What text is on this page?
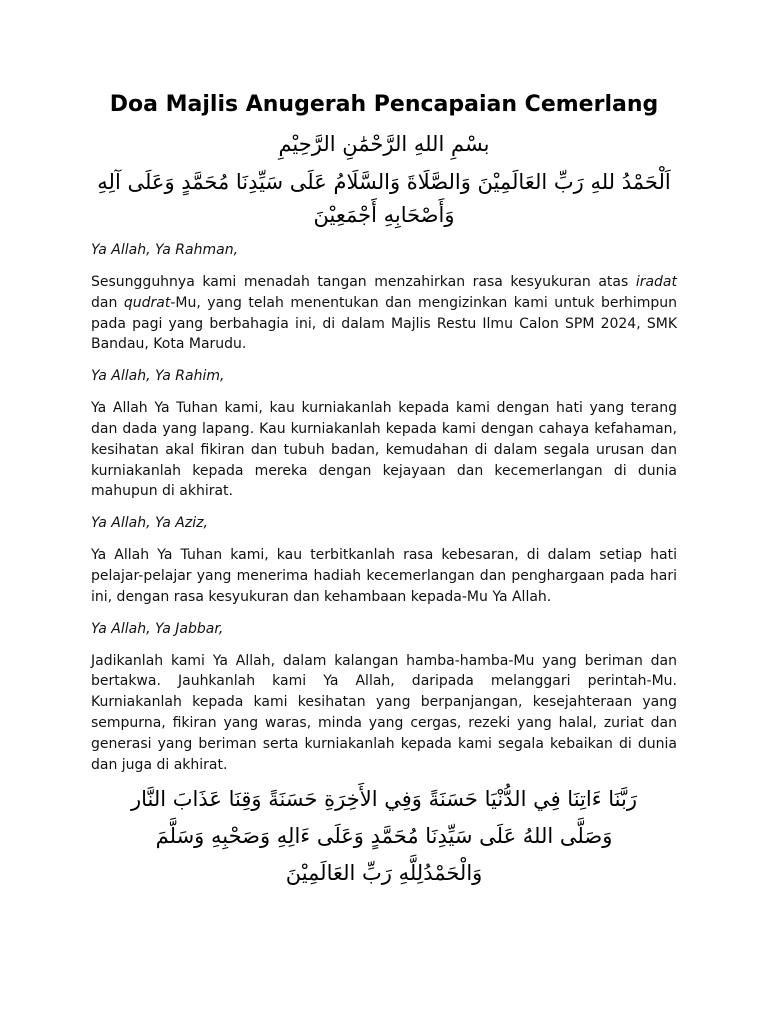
Doa Majlis Anugerah Pencapaian Cemerlang

بسْمِ اللهِ الرَّحْمَٰنِ الرَّحِيْمِ

اَلْحَمْدُ للهِ رَبِّ العَالَمِيْنَ وَالصَّلَاةَ وَالسَّلَامُ عَلَى سَيِّدِنَا مُحَمَّدٍ وَعَلَى آلِهِ وَأَصْحَابِهِ أَجْمَعِيْنَ

Ya Allah, Ya Rahman,

Sesungguhnya kami menadah tangan menzahirkan rasa kesyukuran atas iradat dan qudrat-Mu, yang telah menentukan dan mengizinkan kami untuk berhimpun pada pagi yang berbahagia ini, di dalam Majlis Restu Ilmu Calon SPM 2024, SMK Bandau, Kota Marudu.

Ya Allah, Ya Rahim,

Ya Allah Ya Tuhan kami, kau kurniakanlah kepada kami dengan hati yang terang dan dada yang lapang. Kau kurniakanlah kepada kami dengan cahaya kefahaman, kesihatan akal fikiran dan tubuh badan, kemudahan di dalam segala urusan dan kurniakanlah kepada mereka dengan kejayaan dan kecemerlangan di dunia mahupun di akhirat.

Ya Allah, Ya Aziz,

Ya Allah Ya Tuhan kami, kau terbitkanlah rasa kebesaran, di dalam setiap hati pelajar-pelajar yang menerima hadiah kecemerlangan dan penghargaan pada hari ini, dengan rasa kesyukuran dan kehambaan kepada-Mu Ya Allah.

Ya Allah, Ya Jabbar,

Jadikanlah kami Ya Allah, dalam kalangan hamba-hamba-Mu yang beriman dan bertakwa. Jauhkanlah kami Ya Allah, daripada melanggari perintah-Mu. Kurniakanlah kepada kami kesihatan yang berpanjangan, kesejahteraan yang sempurna, fikiran yang waras, minda yang cergas, rezeki yang halal, zuriat dan generasi yang beriman serta kurniakanlah kepada kami segala kebaikan di dunia dan juga di akhirat.

رَبَّنَا ءَاتِنَا فِي الدُّنْيَا حَسَنَةً وَفِي الأَخِرَةِ حَسَنَةً وَقِنَا عَذَابَ النَّار

وَصَلَّى اللهُ عَلَى سَيِّدِنَا مُحَمَّدٍ وَعَلَى ءَالِهِ وَصَحْبِهِ وَسَلَّمَ

وَالْحَمْدُلِلَّهِ رَبِّ العَالَمِيْنَ
